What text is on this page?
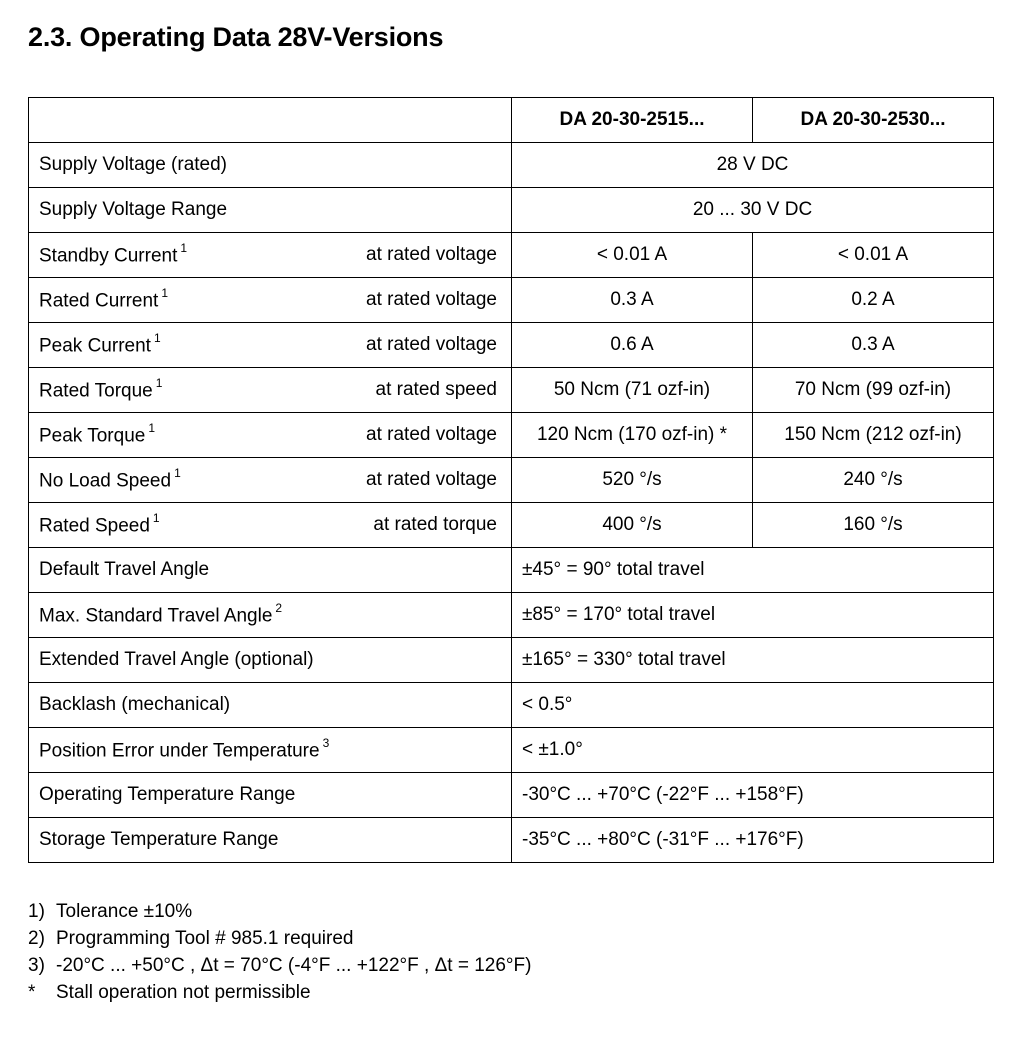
2.3. Operating Data 28V-Versions
	DA 20-30-2515...	DA 20-30-2530...
Supply Voltage (rated)	28 V DC	
Supply Voltage Range	20 ... 30 V DC	
Standby Current $^1$ at rated voltage	< 0.01 A	< 0.01 A
Rated Current $^1$ at rated voltage	0.3 A	0.2 A
Peak Current $^1$ at rated voltage	0.6 A	0.3 A
Rated Torque $^1$ at rated speed	50 Ncm (71 ozf-in)	70 Ncm (99 ozf-in)
Peak Torque $^1$ at rated voltage	120 Ncm (170 ozf-in) *	150 Ncm (212 ozf-in)
No Load Speed $^1$ at rated voltage	520 °/s	240 °/s
Rated Speed $^1$ at rated torque	400 °/s	160 °/s
Default Travel Angle	±45° = 90° total travel	
Max. Standard Travel Angle $^2$	±85° = 170° total travel	
Extended Travel Angle (optional)	±165° = 330° total travel	
Backlash (mechanical)	< 0.5°	
Position Error under Temperature $^3$	< ±1.0°	
Operating Temperature Range	-30°C ... +70°C (-22°F ... +158°F)	
Storage Temperature Range	-35°C ... +80°C (-31°F ... +176°F)	
1) Tolerance ±10%
2) Programming Tool # 985.1 required
3) -20°C ... +50°C , Δt = 70°C (-4°F ... +122°F , Δt = 126°F)
* Stall operation not permissible
